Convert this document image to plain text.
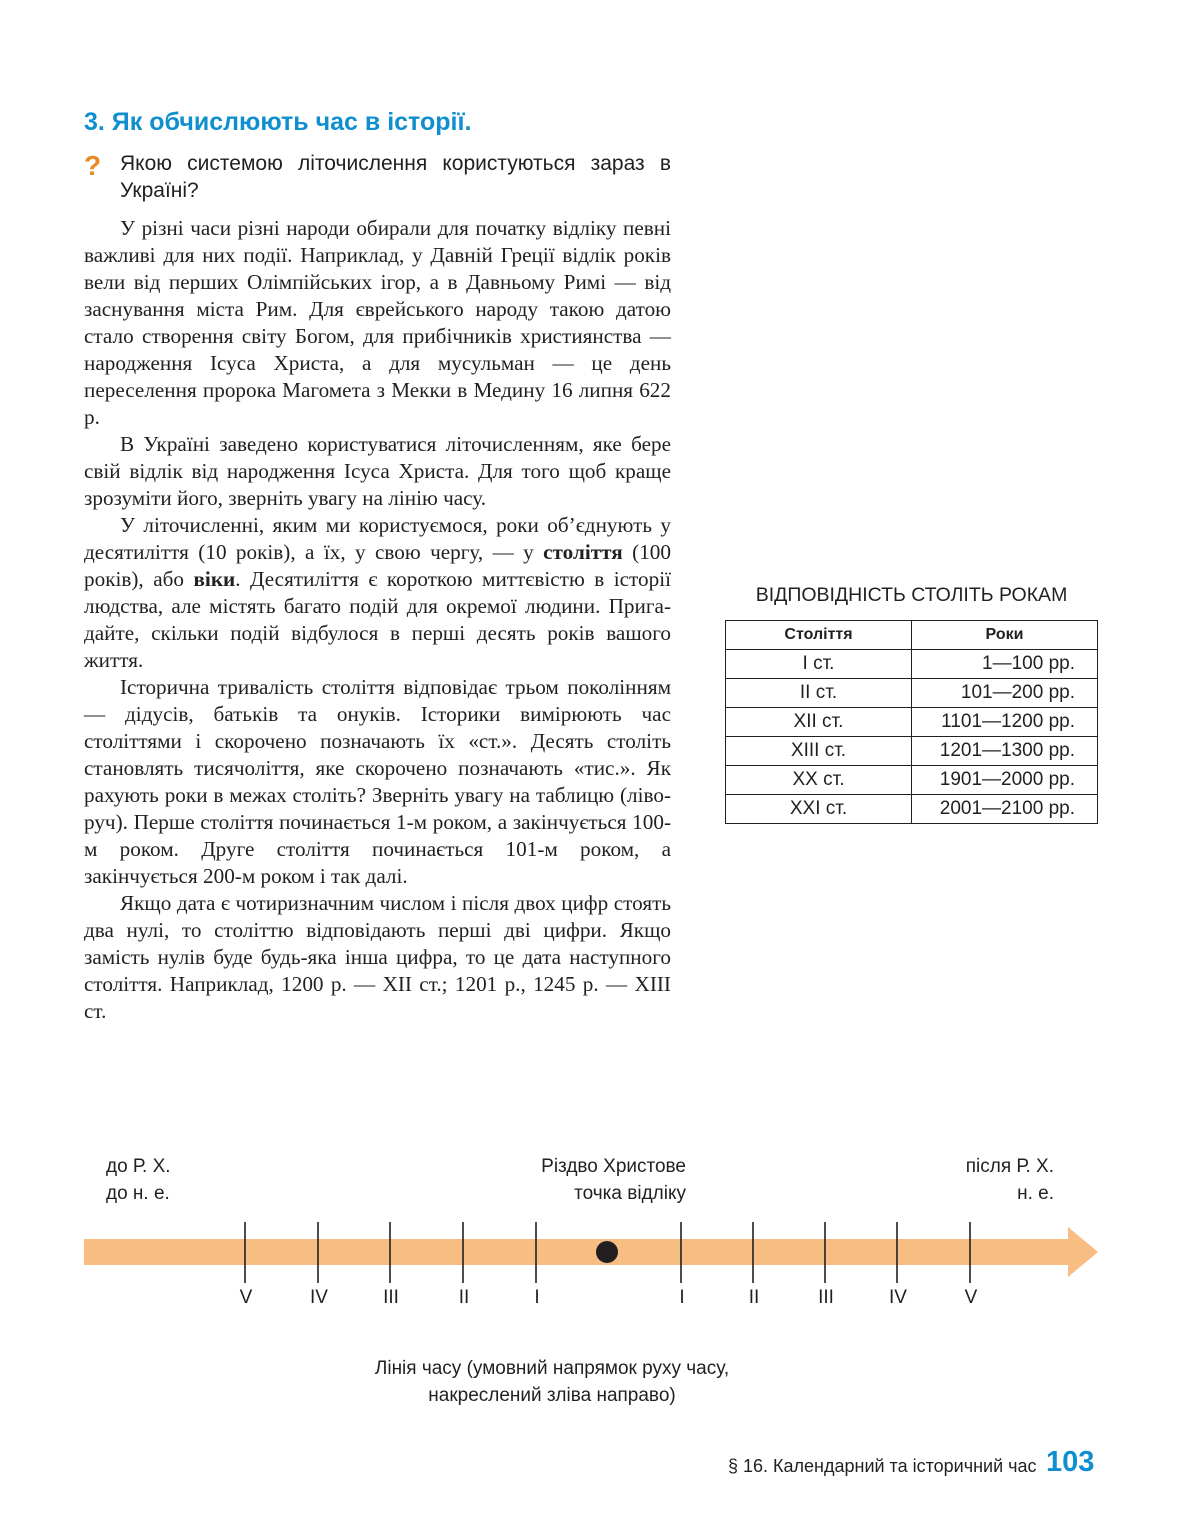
3. Як обчислюють час в історії.
? Якою системою літочислення користуються зараз в Україні?

У різні часи різні народи обирали для початку відліку певні важливі для них події. Наприклад, у Давній Греції відлік років вели від перших Олімпійських ігор, а в Давньому Римі — від заснування міста Рим. Для єврейського народу такою датою стало створення світу Богом, для прибічників християнства — народження Ісуса Христа, а для мусульман — це день переселення пророка Магомета з Мекки в Медину 16 липня 622 р.

В Україні заведено користуватися літочисленням, яке бере свій відлік від народження Ісуса Христа. Для того щоб краще зрозуміти його, зверніть увагу на лінію часу.

У літочисленні, яким ми користуємося, роки об’єднують у десятиліття (10 років), а їх, у свою чергу, — у століття (100 років), або віки. Десятиліття є короткою миттєвістю в історії людства, але містять багато подій для окремої людини. Пригадайте, скільки подій відбулося в перші десять років вашого життя.

Історична тривалість століття відповідає трьом поколінням — дідусів, батьків та онуків. Історики вимірюють час століттями і скорочено позначають їх «ст.». Десять століть становлять тисячоліття, яке скорочено позначають «тис.». Як рахують роки в межах століть? Зверніть увагу на таблицю (ліворуч). Перше століття починається 1-м роком, а закінчується 100-м роком. Друге століття починається 101-м роком, а закінчується 200-м роком і так далі.

Якщо дата є чотиризначним числом і після двох цифр стоять два нулі, то століттю відповідають перші дві цифри. Якщо замість нулів буде будь-яка інша цифра, то це дата наступного століття. Наприклад, 1200 р. — XII ст.; 1201 р., 1245 р. — XIII ст.

ВІДПОВІДНІСТЬ СТОЛІТЬ РОКАМ
Століття	Роки
I ст.	1—100 рр.
II ст.	101—200 рр.
XII ст.	1101—1200 рр.
XIII ст.	1201—1300 рр.
XX ст.	1901—2000 рр.
XXI ст.	2001—2100 рр.
до Р. Х.
до н. е.
Різдво Христове
точка відліку
після Р. Х.
н. е.
V	IV	III	II	I	I	II	III	IV	V
Лінія часу (умовний напрямок руху часу,
накреслений зліва направо)
§ 16. Календарний та історичний час 103
